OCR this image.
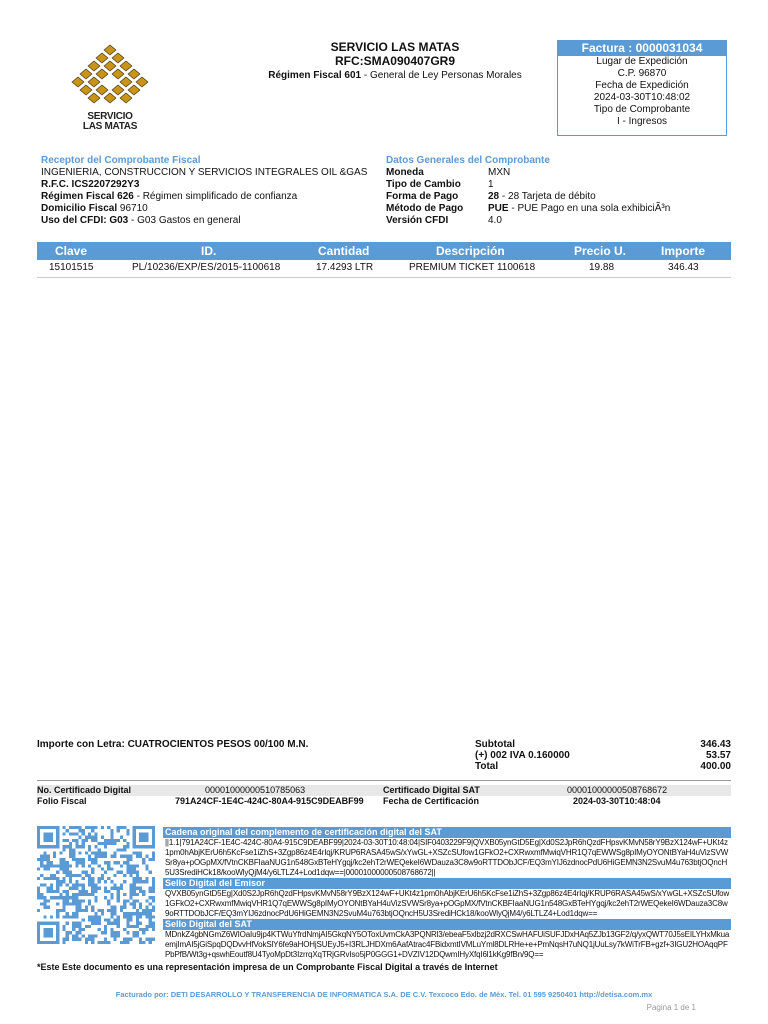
SERVICIO
LAS MATAS
SERVICIO LAS MATAS
RFC:SMA090407GR9
Régimen Fiscal 601 - General de Ley Personas Morales
Factura : 0000031034
Lugar de Expedición
C.P. 96870
Fecha de Expedición
2024-03-30T10:48:02
Tipo de Comprobante
I - Ingresos
Receptor del Comprobante Fiscal
INGENIERIA, CONSTRUCCION Y SERVICIOS INTEGRALES OIL &GAS
R.F.C. ICS2207292Y3
Régimen Fiscal 626 - Régimen simplificado de confianza
Domicilio Fiscal 96710
Uso del CFDI: G03 - G03 Gastos en general
Datos Generales del Comprobante
Moneda	MXN
Tipo de Cambio	1
Forma de Pago	28 - 28 Tarjeta de débito
Método de Pago	PUE - PUE Pago en una sola exhibiciÃ³n
Versión CFDI	4.0
Clave	ID.	Cantidad	Descripción	Precio U.	Importe
15101515	PL/10236/EXP/ES/2015-1100618	17.4293 LTR	PREMIUM TICKET 1100618	19.88	346.43
Importe con Letra: CUATROCIENTOS PESOS 00/100 M.N.	Subtotal	346.43
(+) 002 IVA 0.160000	53.57
Total	400.00
No. Certificado Digital	00001000000510785063	Certificado Digital SAT	00001000000508768672
Folio Fiscal	791A24CF-1E4C-424C-80A4-915C9DEABF99 Fecha de Certificación	2024-03-30T10:48:04
Cadena original del complemento de certificación digital del SAT
||1.1|791A24CF-1E4C-424C-80A4-915C9DEABF99|2024-03-30T10:48:04|SIF0403229F9|QVXB05ynGtD5Eg|Xd0S2JpR6hQzdFHpsvKMvN58rY9BzX124wF+UKt4z1pm0hAbjKErU6h5KcFse1iZhS+3Zgp86z4E4rIqj/KRUP6RASA45wS/xYwGL+XSZcSUfow1GFkO2+CXRwxmfMwiqVHR1Q7qEWWSg8pIMyOYONtBYaH4uVizSVWSr8ya+pOGpMX/fVtnCKBFIaaNUG1n548GxBTeHYgqj/kc2ehT2rWEQekeI6WDauza3C8w9oRTTDObJCF/EQ3mYIJ6zdnocPdU6HiGEMN3N2SvuM4u763btjOQncH5U3SrediHCk18/kooWlyQjM4/y6LTLZ4+Lod1dqw==|00001000000508768672||
Sello Digital del Emisor
QVXB05ynGtD5Eg|Xd0S2JpR6hQzdFHpsvKMvN58rY9BzX124wF+UKt4z1pm0hAbjKErU6h5KcFse1iZhS+3Zgp86z4E4rIqj/KRUP6RASA45wS/xYwGL+XSZcSUfow1GFkO2+CXRwxmfMwiqVHR1Q7qEWWSg8pIMyOYONtBYaH4uVizSVWSr8ya+pOGpMX/fVtnCKBFIaaNUG1n548GxBTeHYgqj/kc2ehT2rWEQekeI6WDauza3C8w9oRTTDObJCF/EQ3mYIJ6zdnocPdU6HiGEMN3N2SvuM4u763btjOQncH5U3SrediHCk18/kooWlyQjM4/y6LTLZ4+Lod1dqw==
Sello Digital del SAT
MDnkZ4gbNGmZ6WIOaIu9jp4KTWuYfrdNmjAI5GkqNY5OToxUvmCkA3PQNRl3/ebeaF5xlbzj2dRXCSwHAFUiSUFJDxHAq5ZJb13GF2/q/yxQWT70J5sEILYHxMkuaemjImAI5jGiSpqDQDvvHfVokSlY6fe9aHOHjSUEyJ5+I3RLJHDXm6AafAtrac4FBidxmtIVMLuYml8DLRHe+e+PmNqsH7uNQ1jUuLsy7kWiTrFB+gzf+3IGU2HOAqqPFPbPfB/Wt3g+qswhEoutf8U4TyoMpDt3IzrrqXqTRjGRvIso5jP0GGG1+DVZIV12DQwmIHyXfqI6l1kKg9fBn/9Q==
*Este Este documento es una representación impresa de un Comprobante Fiscal Digital a través de Internet
Facturado por: DETI DESARROLLO Y TRANSFERENCIA DE INFORMATICA S.A. DE C.V. Texcoco Edo. de Méx. Tel. 01 595 9250401 http://detisa.com.mx
Pagina 1 de 1
